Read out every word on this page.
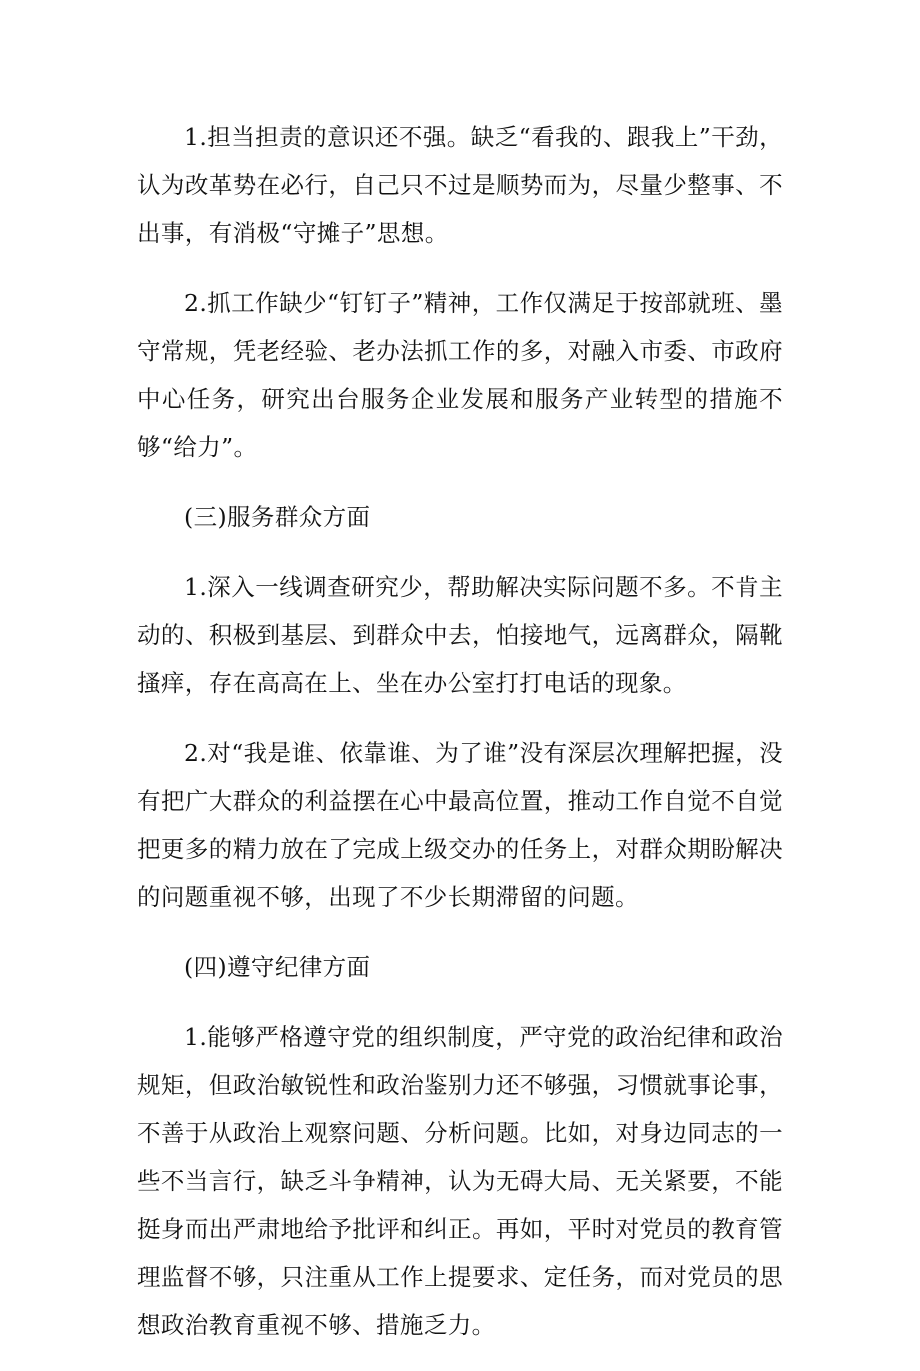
1.担当担责的意识还不强。缺乏“看我的、跟我上”干劲，认为改革势在必行，自己只不过是顺势而为，尽量少整事、不出事，有消极“守摊子”思想。

2.抓工作缺少“钉钉子”精神，工作仅满足于按部就班、墨守常规，凭老经验、老办法抓工作的多，对融入市委、市政府中心任务，研究出台服务企业发展和服务产业转型的措施不够“给力”。

(三)服务群众方面

1.深入一线调查研究少，帮助解决实际问题不多。不肯主动的、积极到基层、到群众中去，怕接地气，远离群众，隔靴搔痒，存在高高在上、坐在办公室打打电话的现象。

2.对“我是谁、依靠谁、为了谁”没有深层次理解把握，没有把广大群众的利益摆在心中最高位置，推动工作自觉不自觉把更多的精力放在了完成上级交办的任务上，对群众期盼解决的问题重视不够，出现了不少长期滞留的问题。

(四)遵守纪律方面

1.能够严格遵守党的组织制度，严守党的政治纪律和政治规矩，但政治敏锐性和政治鉴别力还不够强，习惯就事论事，不善于从政治上观察问题、分析问题。比如，对身边同志的一些不当言行，缺乏斗争精神，认为无碍大局、无关紧要，不能挺身而出严肃地给予批评和纠正。再如，平时对党员的教育管理监督不够，只注重从工作上提要求、定任务，而对党员的思想政治教育重视不够、措施乏力。
